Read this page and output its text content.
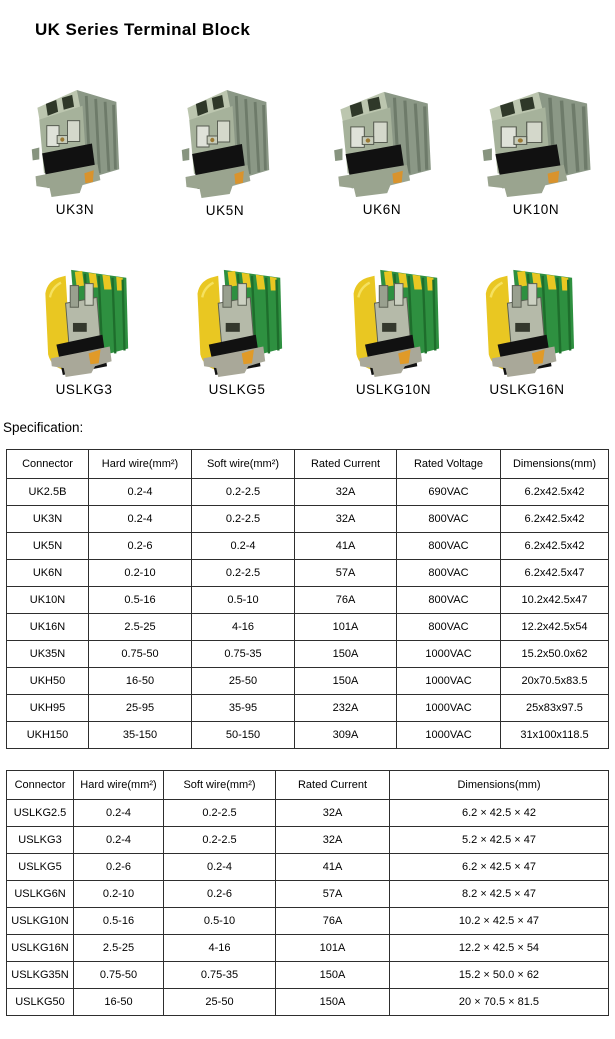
UK Series Terminal Block
UK3N	UK5N	UK6N	UK10N
USLKG3	USLKG5	USLKG10N	USLKG16N
Specification:
Connector	Hard wire(mm²)	Soft wire(mm²)	Rated Current	Rated Voltage	Dimensions(mm)
UK2.5B	0.2-4	0.2-2.5	32A	690VAC	6.2x42.5x42
UK3N	0.2-4	0.2-2.5	32A	800VAC	6.2x42.5x42
UK5N	0.2-6	0.2-4	41A	800VAC	6.2x42.5x42
UK6N	0.2-10	0.2-2.5	57A	800VAC	6.2x42.5x47
UK10N	0.5-16	0.5-10	76A	800VAC	10.2x42.5x47
UK16N	2.5-25	4-16	101A	800VAC	12.2x42.5x54
UK35N	0.75-50	0.75-35	150A	1000VAC	15.2x50.0x62
UKH50	16-50	25-50	150A	1000VAC	20x70.5x83.5
UKH95	25-95	35-95	232A	1000VAC	25x83x97.5
UKH150	35-150	50-150	309A	1000VAC	31x100x118.5
Connector	Hard wire(mm²)	Soft wire(mm²)	Rated Current	Dimensions(mm)
USLKG2.5	0.2-4	0.2-2.5	32A	6.2 × 42.5 × 42
USLKG3	0.2-4	0.2-2.5	32A	5.2 × 42.5 × 47
USLKG5	0.2-6	0.2-4	41A	6.2 × 42.5 × 47
USLKG6N	0.2-10	0.2-6	57A	8.2 × 42.5 × 47
USLKG10N	0.5-16	0.5-10	76A	10.2 × 42.5 × 47
USLKG16N	2.5-25	4-16	101A	12.2 × 42.5 × 54
USLKG35N	0.75-50	0.75-35	150A	15.2 × 50.0 × 62
USLKG50	16-50	25-50	150A	20 × 70.5 × 81.5
